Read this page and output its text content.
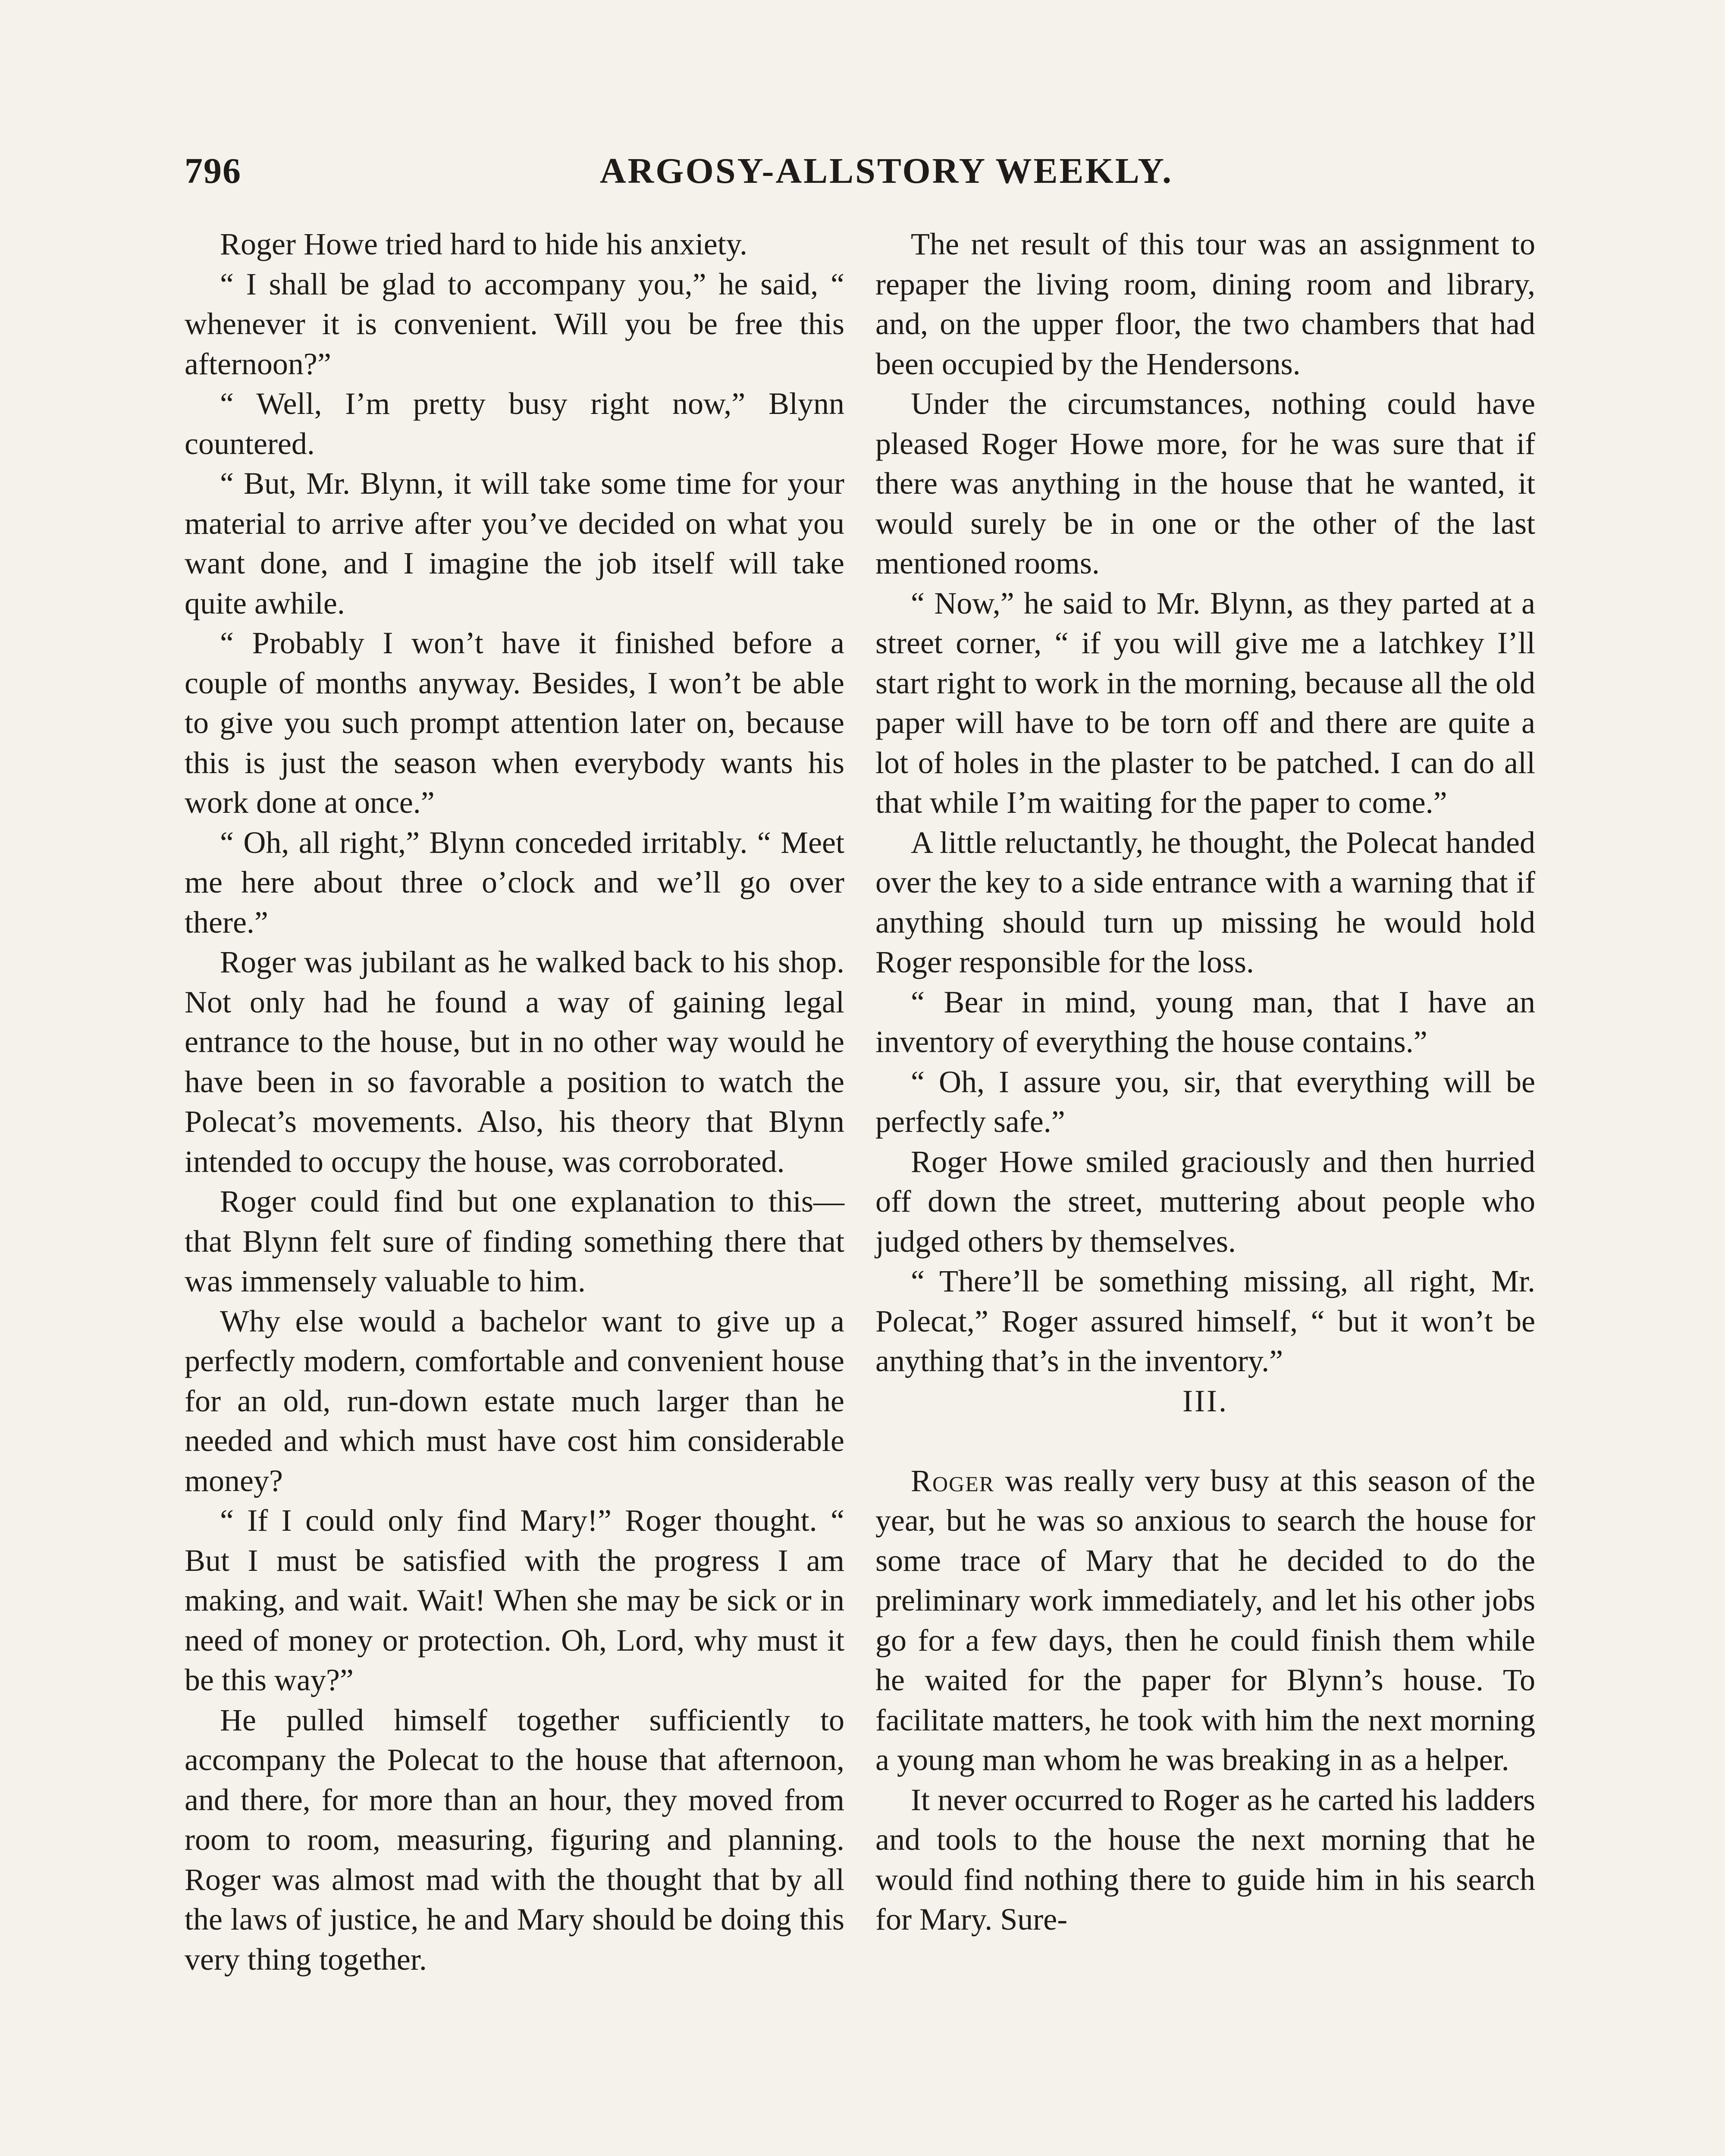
796	ARGOSY-ALLSTORY WEEKLY.

Roger Howe tried hard to hide his anxiety.

“ I shall be glad to accompany you,” he said, “ whenever it is convenient. Will you be free this afternoon?”

“ Well, I’m pretty busy right now,” Blynn countered.

“ But, Mr. Blynn, it will take some time for your material to arrive after you’ve decided on what you want done, and I imagine the job itself will take quite awhile.

“ Probably I won’t have it finished before a couple of months anyway. Besides, I won’t be able to give you such prompt attention later on, because this is just the season when everybody wants his work done at once.”

“ Oh, all right,” Blynn conceded irritably. “ Meet me here about three o’clock and we’ll go over there.”

Roger was jubilant as he walked back to his shop. Not only had he found a way of gaining legal entrance to the house, but in no other way would he have been in so favorable a position to watch the Polecat’s movements. Also, his theory that Blynn intended to occupy the house, was corroborated.

Roger could find but one explanation to this—that Blynn felt sure of finding something there that was immensely valuable to him.

Why else would a bachelor want to give up a perfectly modern, comfortable and convenient house for an old, run-down estate much larger than he needed and which must have cost him considerable money?

“ If I could only find Mary!” Roger thought. “ But I must be satisfied with the progress I am making, and wait. Wait! When she may be sick or in need of money or protection. Oh, Lord, why must it be this way?”

He pulled himself together sufficiently to accompany the Polecat to the house that afternoon, and there, for more than an hour, they moved from room to room, measuring, figuring and planning. Roger was almost mad with the thought that by all the laws of justice, he and Mary should be doing this very thing together.

The net result of this tour was an assignment to repaper the living room, dining room and library, and, on the upper floor, the two chambers that had been occupied by the Hendersons.

Under the circumstances, nothing could have pleased Roger Howe more, for he was sure that if there was anything in the house that he wanted, it would surely be in one or the other of the last mentioned rooms.

“ Now,” he said to Mr. Blynn, as they parted at a street corner, “ if you will give me a latchkey I’ll start right to work in the morning, because all the old paper will have to be torn off and there are quite a lot of holes in the plaster to be patched. I can do all that while I’m waiting for the paper to come.”

A little reluctantly, he thought, the Polecat handed over the key to a side entrance with a warning that if anything should turn up missing he would hold Roger responsible for the loss.

“ Bear in mind, young man, that I have an inventory of everything the house contains.”

“ Oh, I assure you, sir, that everything will be perfectly safe.”

Roger Howe smiled graciously and then hurried off down the street, muttering about people who judged others by themselves.

“ There’ll be something missing, all right, Mr. Polecat,” Roger assured himself, “ but it won’t be anything that’s in the inventory.”

III.

Roger was really very busy at this season of the year, but he was so anxious to search the house for some trace of Mary that he decided to do the preliminary work immediately, and let his other jobs go for a few days, then he could finish them while he waited for the paper for Blynn’s house. To facilitate matters, he took with him the next morning a young man whom he was breaking in as a helper.

It never occurred to Roger as he carted his ladders and tools to the house the next morning that he would find nothing there to guide him in his search for Mary. Sure-
